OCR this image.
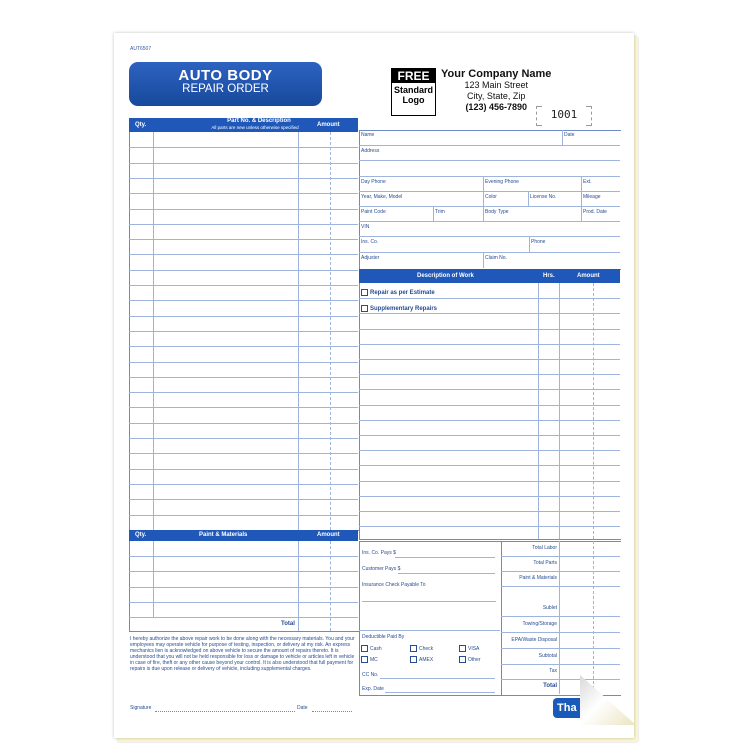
AUT6507
AUTO BODY
REPAIR ORDER
FREE
Standard
Logo
Your Company Name
123 Main Street
City, State, Zip
(123) 456-7890
1001
Qty.
Part No. & Description
All parts are new unless otherwise specified	Amount
Name	Date
Address
Day Phone	Evening Phone	Ext.
Year, Make, Model	Color	License No.	Mileage
Paint Code	Trim	Body Type	Prod. Date
VIN
Ins. Co.	Phone
Adjuster	Claim No.
Description of Work	Hrs.	Amount
Repair as per Estimate
Supplementary Repairs
Qty.	Paint & Materials	Amount
Total
Ins. Co. Pays $
Customer Pays $
Insurance Check Payable To
Deductible Paid By
Cash	Check	VISA
MC	AMEX	Other
CC No.
Exp. Date
Total Labor
Total Parts
Paint & Materials
Sublet
Towing/Storage
EPA/Waste Disposal
Subtotal
Tax
Total
I hereby authorize the above repair work to be done along with the necessary materials. You and your employees may operate vehicle for purpose of testing, inspection, or delivery at my risk. An express mechanics lien is acknowledged on above vehicle to secure the amount of repairs thereto. It is understood that you will not be held responsible for loss or damage to vehicle or articles left in vehicle in case of fire, theft or any other cause beyond your control. It is also understood that full payment for repairs is due upon release or delivery of vehicle, including supplemental charges.
Signature	Date	Tha
